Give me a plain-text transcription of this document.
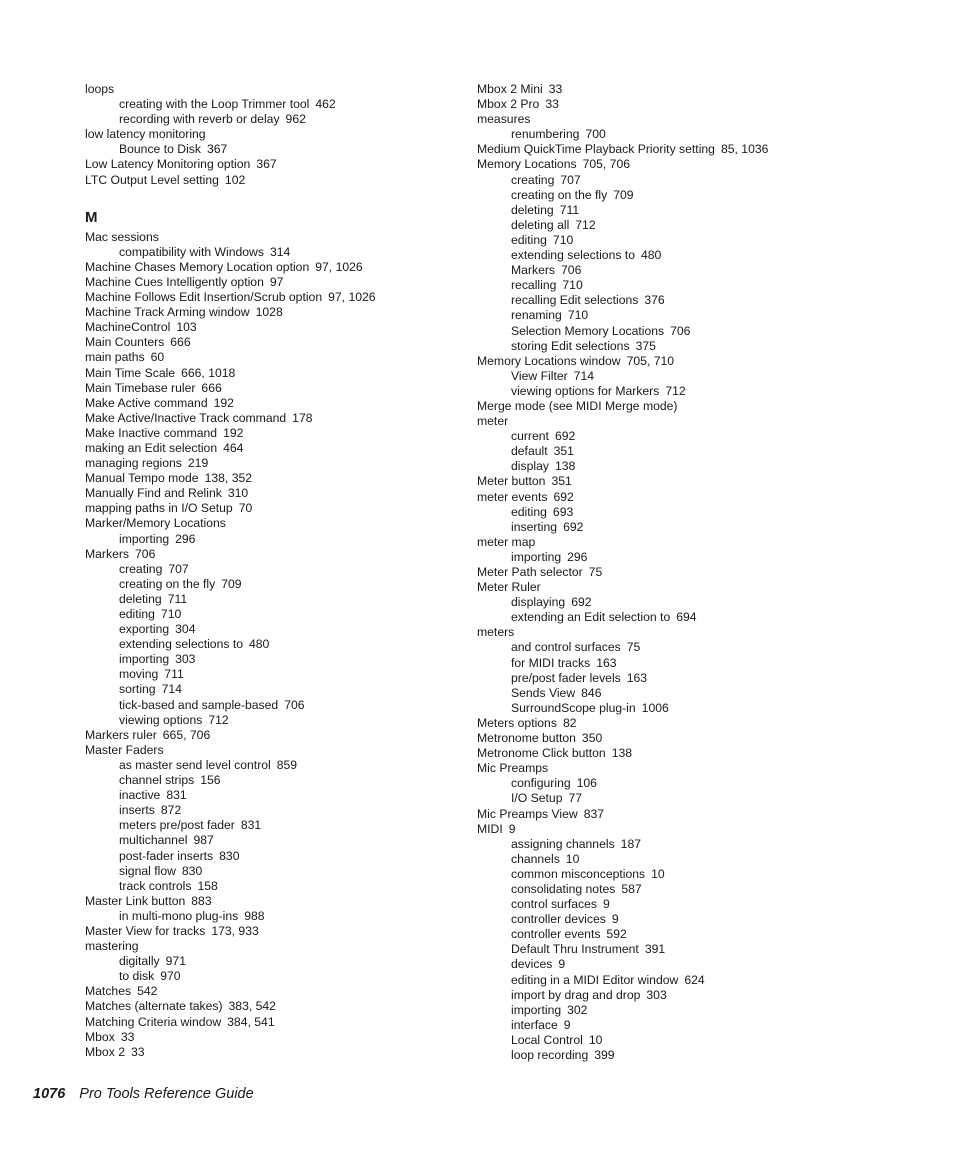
loops
creating with the Loop Trimmer tool 462
recording with reverb or delay 962
low latency monitoring
Bounce to Disk 367
Low Latency Monitoring option 367
LTC Output Level setting 102
M
Mac sessions
compatibility with Windows 314
Machine Chases Memory Location option 97, 1026
Machine Cues Intelligently option 97
Machine Follows Edit Insertion/Scrub option 97, 1026
Machine Track Arming window 1028
MachineControl 103
Main Counters 666
main paths 60
Main Time Scale 666, 1018
Main Timebase ruler 666
Make Active command 192
Make Active/Inactive Track command 178
Make Inactive command 192
making an Edit selection 464
managing regions 219
Manual Tempo mode 138, 352
Manually Find and Relink 310
mapping paths in I/O Setup 70
Marker/Memory Locations
importing 296
Markers 706
creating 707
creating on the fly 709
deleting 711
editing 710
exporting 304
extending selections to 480
importing 303
moving 711
sorting 714
tick-based and sample-based 706
viewing options 712
Markers ruler 665, 706
Master Faders
as master send level control 859
channel strips 156
inactive 831
inserts 872
meters pre/post fader 831
multichannel 987
post-fader inserts 830
signal flow 830
track controls 158
Master Link button 883
in multi-mono plug-ins 988
Master View for tracks 173, 933
mastering
digitally 971
to disk 970
Matches 542
Matches (alternate takes) 383, 542
Matching Criteria window 384, 541
Mbox 33
Mbox 2 33
Mbox 2 Mini 33
Mbox 2 Pro 33
measures
renumbering 700
Medium QuickTime Playback Priority setting 85, 1036
Memory Locations 705, 706
creating 707
creating on the fly 709
deleting 711
deleting all 712
editing 710
extending selections to 480
Markers 706
recalling 710
recalling Edit selections 376
renaming 710
Selection Memory Locations 706
storing Edit selections 375
Memory Locations window 705, 710
View Filter 714
viewing options for Markers 712
Merge mode (see MIDI Merge mode)
meter
current 692
default 351
display 138
Meter button 351
meter events 692
editing 693
inserting 692
meter map
importing 296
Meter Path selector 75
Meter Ruler
displaying 692
extending an Edit selection to 694
meters
and control surfaces 75
for MIDI tracks 163
pre/post fader levels 163
Sends View 846
SurroundScope plug-in 1006
Meters options 82
Metronome button 350
Metronome Click button 138
Mic Preamps
configuring 106
I/O Setup 77
Mic Preamps View 837
MIDI 9
assigning channels 187
channels 10
common misconceptions 10
consolidating notes 587
control surfaces 9
controller devices 9
controller events 592
Default Thru Instrument 391
devices 9
editing in a MIDI Editor window 624
import by drag and drop 303
importing 302
interface 9
Local Control 10
loop recording 399
1076 Pro Tools Reference Guide
